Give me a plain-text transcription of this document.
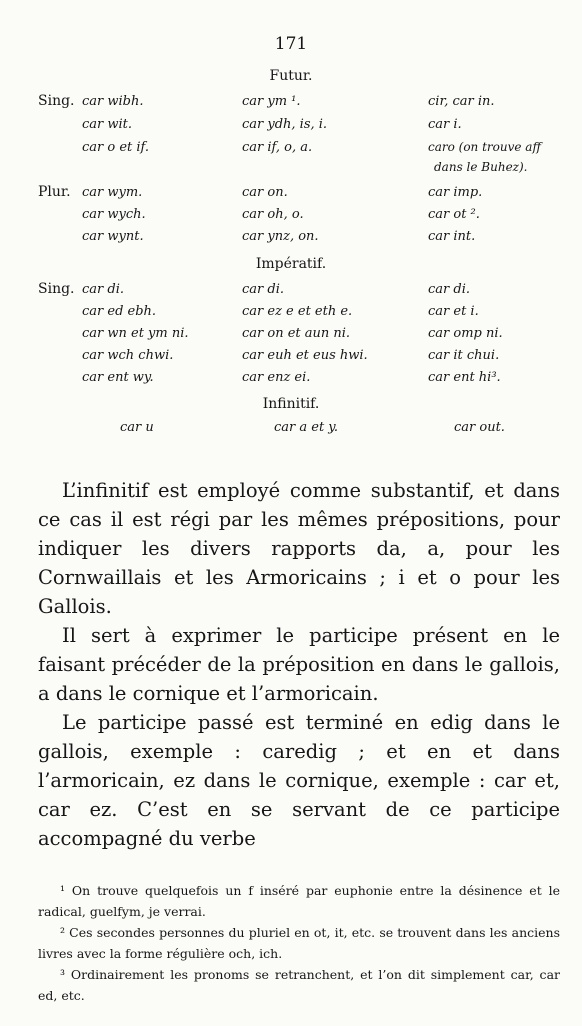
171
Futur.
Sing. car wibh.	car ym ¹.	cir, car in.
car wit.	car ydh, is, i.	car i.
car o et if.	car if, o, a.	caro (on trouve aff
dans le Buhez).
Plur. car wym.	car on.	car imp.
car wych.	car oh, o.	car ot ².
car wynt.	car ynz, on.	car int.
Impératif.
Sing. car di.	car di.	car di.
car ed ebh.	car ez e et eth e.	car et i.
car wn et ym ni.	car on et aun ni.	car omp ni.
car wch chwi.	car euh et eus hwi.	car it chui.
car ent wy.	car enz ei.	car ent hi³.
Infinitif.
car u	car a et y.	car out.

L’infinitif est employé comme substantif, et dans ce cas il est régi par les mêmes prépositions, pour indiquer les divers rapports da, a, pour les Cornwaillais et les Armoricains ; i et o pour les Gallois.

Il sert à exprimer le participe présent en le faisant précéder de la préposition en dans le gallois, a dans le cornique et l’armoricain.

Le participe passé est terminé en edig dans le gallois, exemple : caredig ; et en et dans l’armoricain, ez dans le cornique, exemple : car et, car ez. C’est en se servant de ce participe accompagné du verbe

¹ On trouve quelquefois un f inséré par euphonie entre la désinence et le radical, guelfym, je verrai.

² Ces secondes personnes du pluriel en ot, it, etc. se trouvent dans les anciens livres avec la forme régulière och, ich.

³ Ordinairement les pronoms se retranchent, et l’on dit simplement car, car ed, etc.
